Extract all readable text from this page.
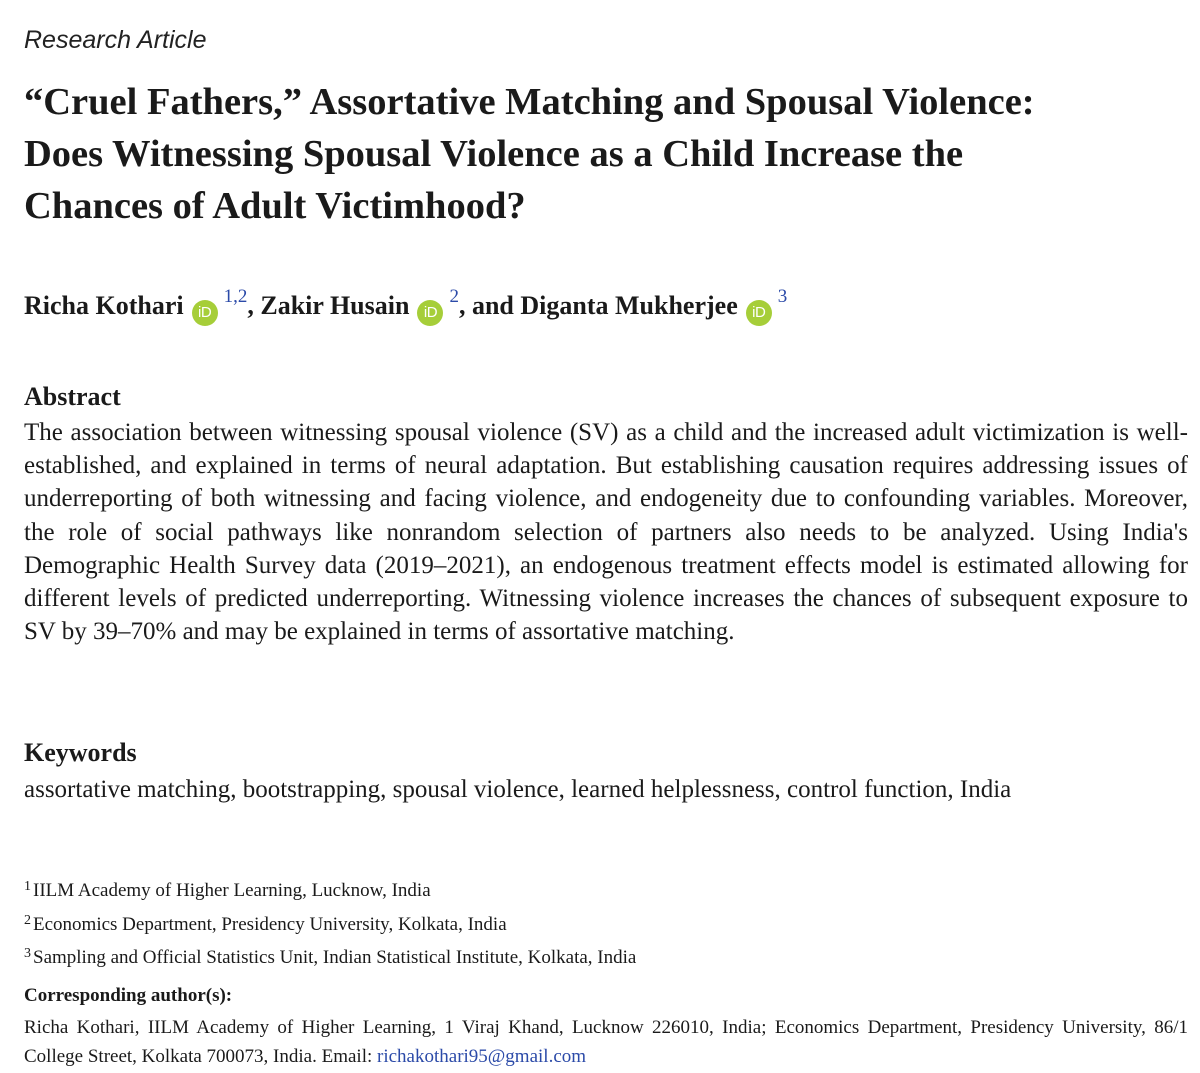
Research Article

“Cruel Fathers,” Assortative Matching and Spousal Violence:
Does Witnessing Spousal Violence as a Child Increase the
Chances of Adult Victimhood?
Richa Kothari iD$^{1,2}$, Zakir Husain iD$^2$, and Diganta Mukherjee iD$^3$
Abstract

The association between witnessing spousal violence (SV) as a child and the increased adult victimization is well-established, and explained in terms of neural adaptation. But establishing causation requires addressing issues of underreporting of both witnessing and facing violence, and endogeneity due to confounding variables. Moreover, the role of social pathways like nonrandom selection of partners also needs to be analyzed. Using India's Demographic Health Survey data (2019–2021), an endogenous treatment effects model is estimated allowing for different levels of predicted underreporting. Witnessing violence increases the chances of subsequent exposure to SV by 39–70% and may be explained in terms of assortative matching.

Keywords

assortative matching, bootstrapping, spousal violence, learned helplessness, control function, India

$^1$ IILM Academy of Higher Learning, Lucknow, India
$^2$ Economics Department, Presidency University, Kolkata, India
$^3$ Sampling and Official Statistics Unit, Indian Statistical Institute, Kolkata, India

Corresponding author(s):

Richa Kothari, IILM Academy of Higher Learning, 1 Viraj Khand, Lucknow 226010, India; Economics Department, Presidency University, 86/1 College Street, Kolkata 700073, India. Email: richakothari95@gmail.com
